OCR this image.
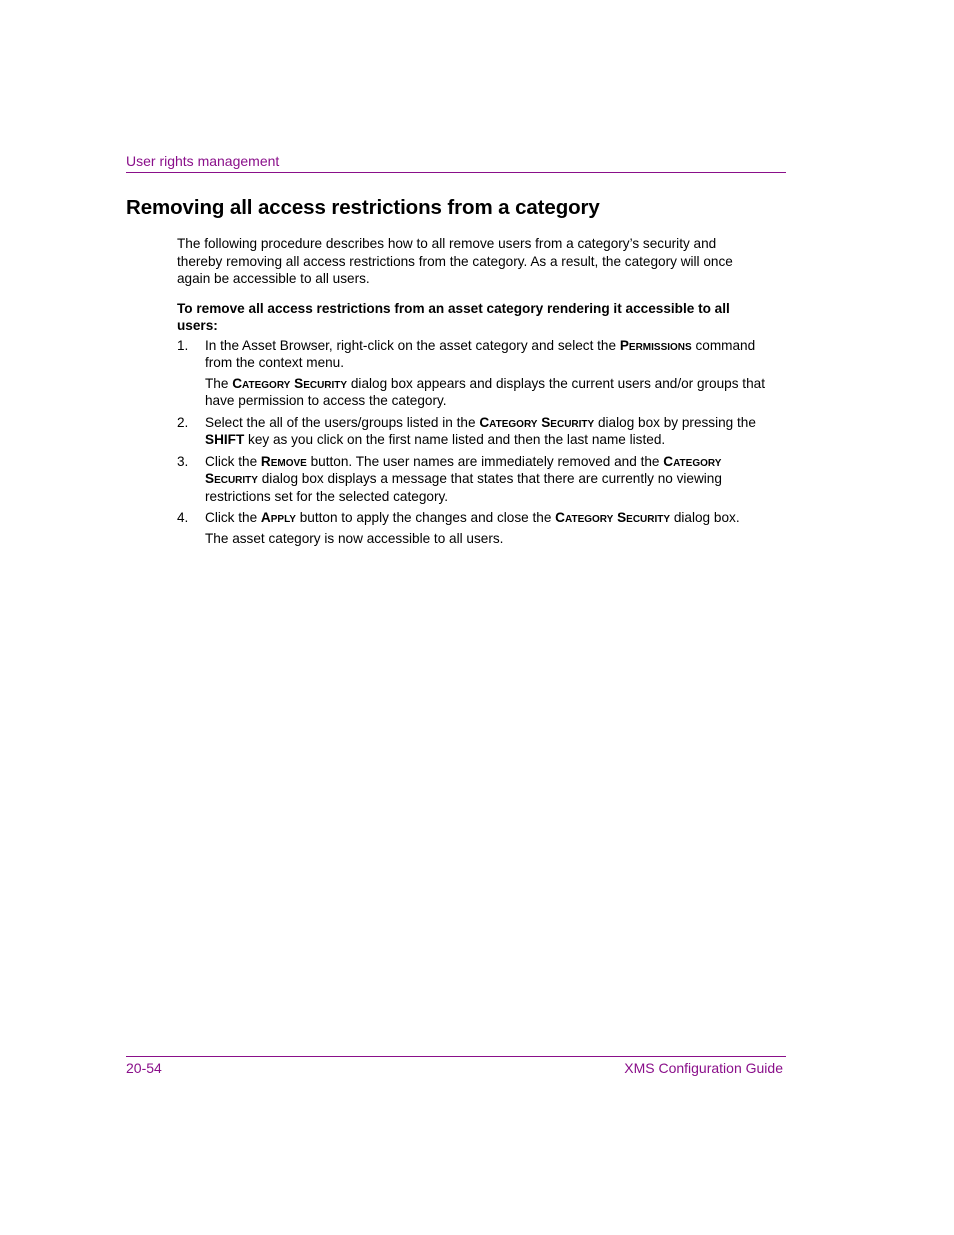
User rights management
Removing all access restrictions from a category

The following procedure describes how to all remove users from a category’s security and thereby removing all access restrictions from the category. As a result, the category will once again be accessible to all users.

To remove all access restrictions from an asset category rendering it accessible to all users:

1. In the Asset Browser, right-click on the asset category and select the Permissions command from the context menu.

The Category Security dialog box appears and displays the current users and/or groups that have permission to access the category.

2. Select the all of the users/groups listed in the Category Security dialog box by pressing the SHIFT key as you click on the first name listed and then the last name listed.

3. Click the Remove button. The user names are immediately removed and the Category Security dialog box displays a message that states that there are currently no viewing restrictions set for the selected category.

4. Click the Apply button to apply the changes and close the Category Security dialog box.

The asset category is now accessible to all users.

20-54	XMS Configuration Guide
